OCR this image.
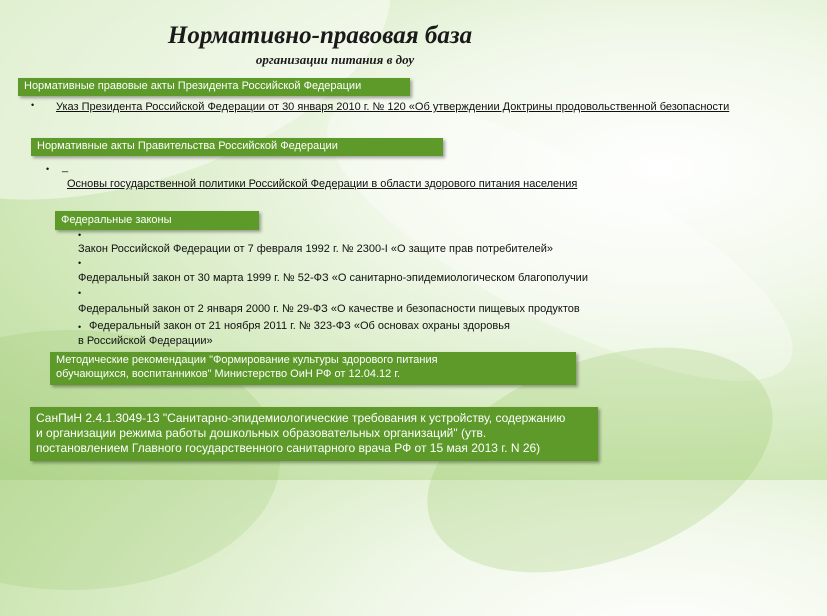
Нормативно-правовая база
организации питания в доу
Нормативные правовые акты Президента Российской Федерации
• Указ Президента Российской Федерации от 30 января 2010 г. № 120 «Об утверждении Доктрины продовольственной безопасности
Нормативные акты Правительства Российской Федерации
• _
Основы государственной политики Российской Федерации в области здорового питания населения
Федеральные законы
•
Закон Российской Федерации от 7 февраля 1992 г. № 2300-I «О защите прав потребителей»
•
Федеральный закон от 30 марта 1999 г. № 52-ФЗ «О санитарно-эпидемиологическом благополучии
•
Федеральный закон от 2 января 2000 г. № 29-ФЗ «О качестве и безопасности пищевых продуктов
• Федеральный закон от 21 ноября 2011 г. № 323-ФЗ «Об основах охраны здоровья
в Российской Федерации»
Методические рекомендации "Формирование культуры здорового питания
обучающихся, воспитанников" Министерство ОиН РФ от 12.04.12 г.
СанПиН 2.4.1.3049-13 "Санитарно-эпидемиологические требования к устройству, содержанию
и организации режима работы дошкольных образовательных организаций" (утв.
постановлением Главного государственного санитарного врача РФ от 15 мая 2013 г. N 26)
